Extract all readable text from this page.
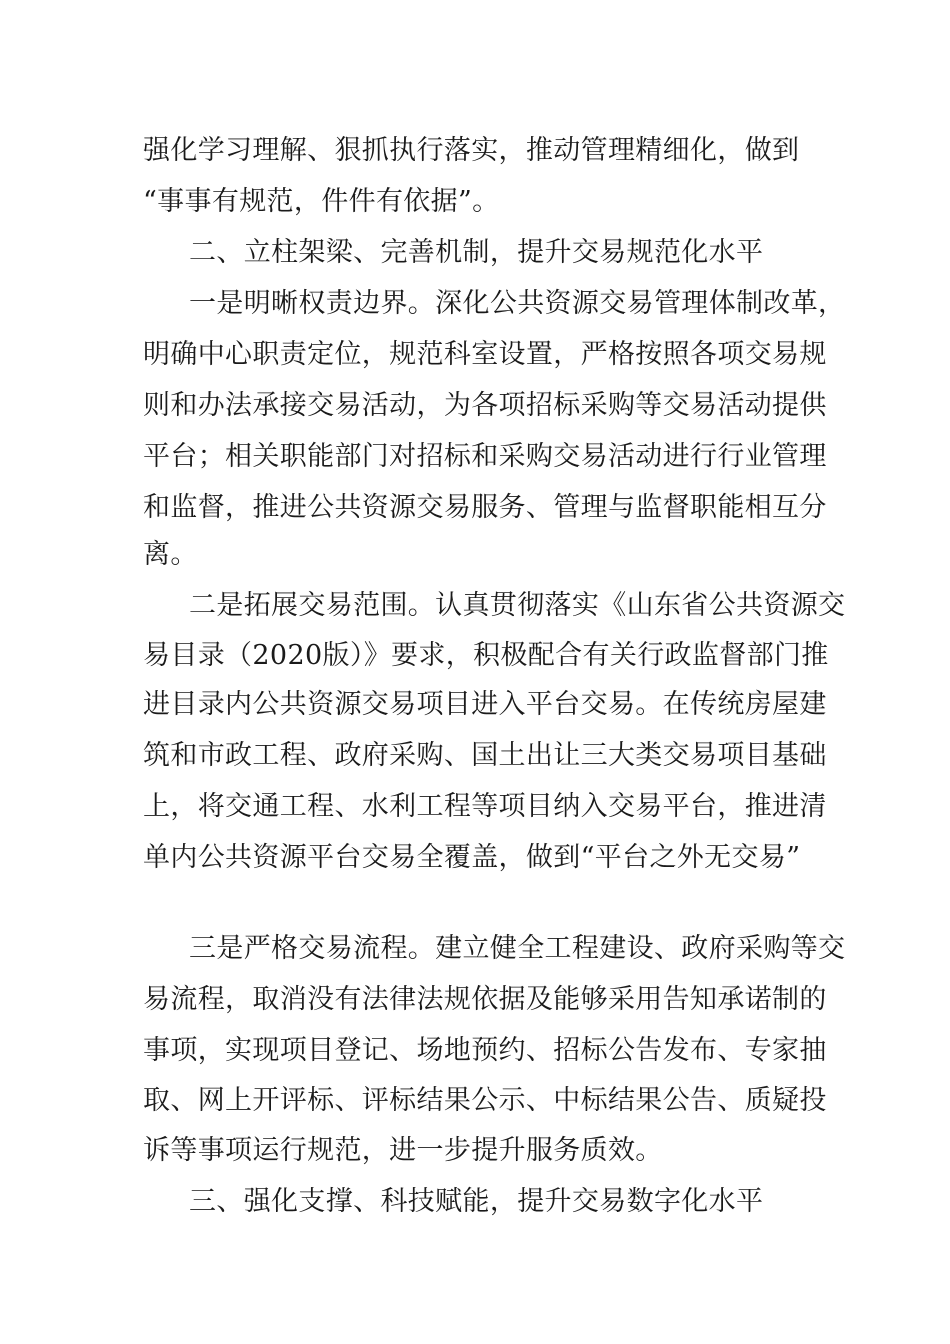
强化学习理解、狠抓执行落实，推动管理精细化，做到
“事事有规范，件件有依据”。
二、立柱架梁、完善机制，提升交易规范化水平
一是明晰权责边界。深化公共资源交易管理体制改革，
明确中心职责定位，规范科室设置，严格按照各项交易规
则和办法承接交易活动，为各项招标采购等交易活动提供
平台；相关职能部门对招标和采购交易活动进行行业管理
和监督，推进公共资源交易服务、管理与监督职能相互分
离。
二是拓展交易范围。认真贯彻落实《山东省公共资源交
易目录（2020版）》要求，积极配合有关行政监督部门推
进目录内公共资源交易项目进入平台交易。在传统房屋建
筑和市政工程、政府采购、国土出让三大类交易项目基础
上，将交通工程、水利工程等项目纳入交易平台，推进清
单内公共资源平台交易全覆盖，做到“平台之外无交易”
三是严格交易流程。建立健全工程建设、政府采购等交
易流程，取消没有法律法规依据及能够采用告知承诺制的
事项，实现项目登记、场地预约、招标公告发布、专家抽
取、网上开评标、评标结果公示、中标结果公告、质疑投
诉等事项运行规范，进一步提升服务质效。
三、强化支撑、科技赋能，提升交易数字化水平
